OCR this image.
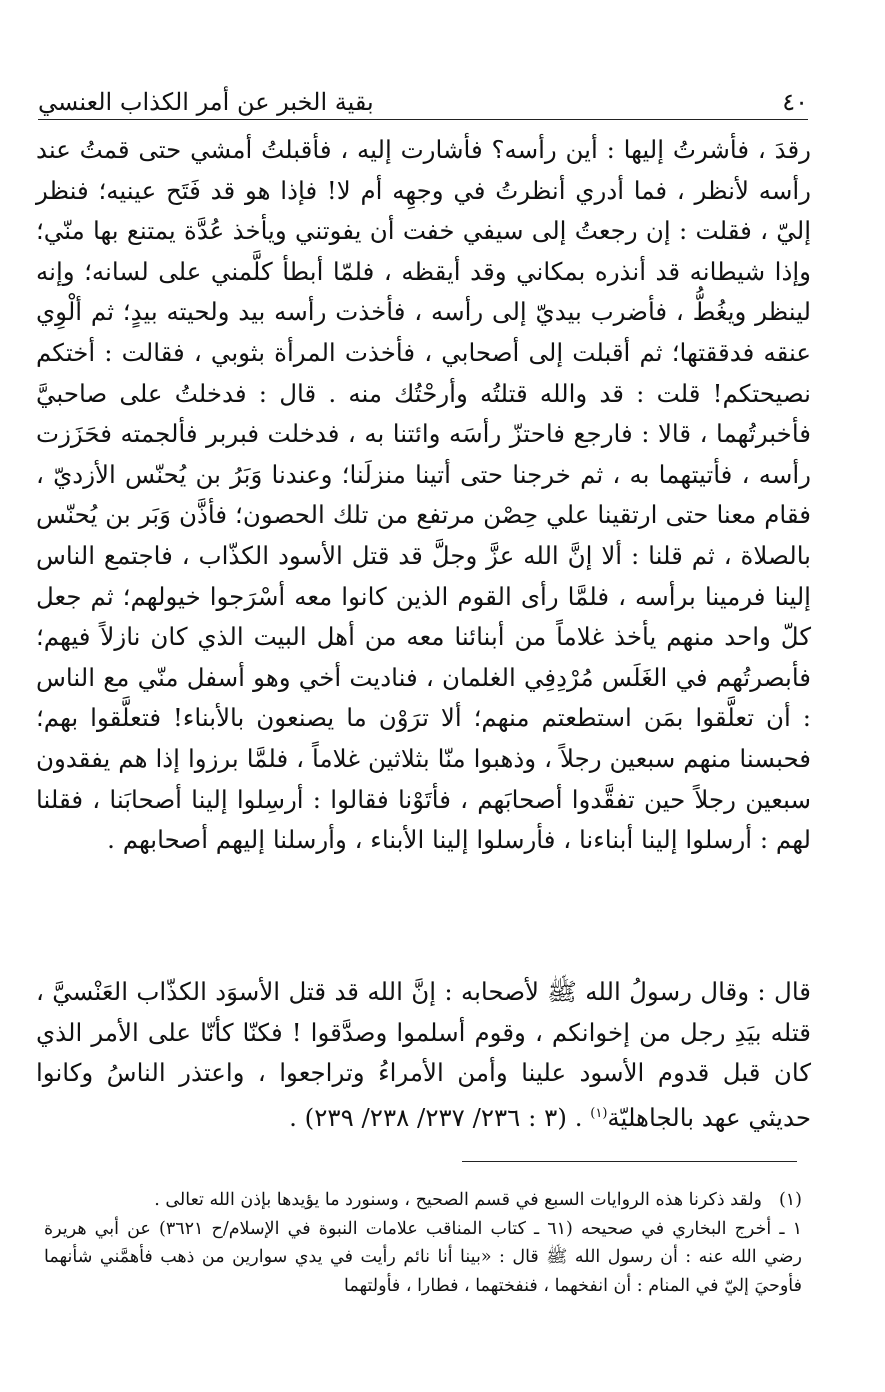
٤٠
بقية الخبر عن أمر الكذاب العنسي

رقدَ ، فأشرتُ إليها : أين رأسه؟ فأشارت إليه ، فأقبلتُ أمشي حتى قمتُ عند رأسه لأنظر ، فما أدري أنظرتُ في وجهِه أم لا! فإذا هو قد فَتَح عينيه؛ فنظر إليّ ، فقلت : إن رجعتُ إلى سيفي خفت أن يفوتني ويأخذ عُدَّة يمتنع بها منّي؛ وإذا شيطانه قد أنذره بمكاني وقد أيقظه ، فلمّا أبطأ كلَّمني على لسانه؛ وإنه لينظر ويغُطُّ ، فأضرب بيديّ إلى رأسه ، فأخذت رأسه بيد ولحيته بيدٍ؛ ثم ألْوِي عنقه فدققتها؛ ثم أقبلت إلى أصحابي ، فأخذت المرأة بثوبي ، فقالت : أختكم نصيحتكم! قلت : قد والله قتلتُه وأرحْتُك منه . قال : فدخلتُ على صاحبيَّ فأخبرتُهما ، قالا : فارجع فاحتزّ رأسَه وائتنا به ، فدخلت فبربر فألجمته فحَزَزت رأسه ، فأتيتهما به ، ثم خرجنا حتى أتينا منزلَنا؛ وعندنا وَبَرُ بن يُحنّس الأزديّ ، فقام معنا حتى ارتقينا علي حِصْن مرتفع من تلك الحصون؛ فأذَّن وَبَر بن يُحنّس بالصلاة ، ثم قلنا : ألا إنَّ الله عزَّ وجلَّ قد قتل الأسود الكذّاب ، فاجتمع الناس إلينا فرمينا برأسه ، فلمَّا رأى القوم الذين كانوا معه أسْرَجوا خيولهم؛ ثم جعل كلّ واحد منهم يأخذ غلاماً من أبنائنا معه من أهل البيت الذي كان نازلاً فيهم؛ فأبصرتُهم في الغَلَس مُرْدِفِي الغلمان ، فناديت أخي وهو أسفل منّي مع الناس : أن تعلَّقوا بمَن استطعتم منهم؛ ألا ترَوْن ما يصنعون بالأبناء! فتعلَّقوا بهم؛ فحبسنا منهم سبعين رجلاً ، وذهبوا منّا بثلاثين غلاماً ، فلمَّا برزوا إذا هم يفقدون سبعين رجلاً حين تفقَّدوا أصحابَهم ، فأتَوْنا فقالوا : أرسِلوا إلينا أصحابَنا ، فقلنا لهم : أرسلوا إلينا أبناءنا ، فأرسلوا إلينا الأبناء ، وأرسلنا إليهم أصحابهم .

قال : وقال رسولُ الله ﷺ لأصحابه : إنَّ الله قد قتل الأسوَد الكذّاب العَنْسيَّ ، قتله بيَدِ رجل من إخوانكم ، وقوم أسلموا وصدَّقوا ! فكنّا كأنّا على الأمر الذي كان قبل قدوم الأسود علينا وأمن الأمراءُ وتراجعوا ، واعتذر الناسُ وكانوا حديثي عهد بالجاهليّة$^{(١)}$ . (٣ : ٢٣٦/ ٢٣٧/ ٢٣٨/ ٢٣٩) .

(١)ولقد ذكرنا هذه الروايات السبع في قسم الصحيح ، وسنورد ما يؤيدها بإذن الله تعالى .

١ ـ أخرج البخاري في صحيحه (٦١ ـ كتاب المناقب علامات النبوة في الإسلام/ح ٣٦٢١) عن أبي هريرة رضي الله عنه : أن رسول الله ﷺ قال : «بينا أنا نائم رأيت في يدي سوارين من ذهب فأهمَّني شأنهما فأوحيَ إليّ في المنام : أن انفخهما ، فنفختهما ، فطارا ، فأولتهما
